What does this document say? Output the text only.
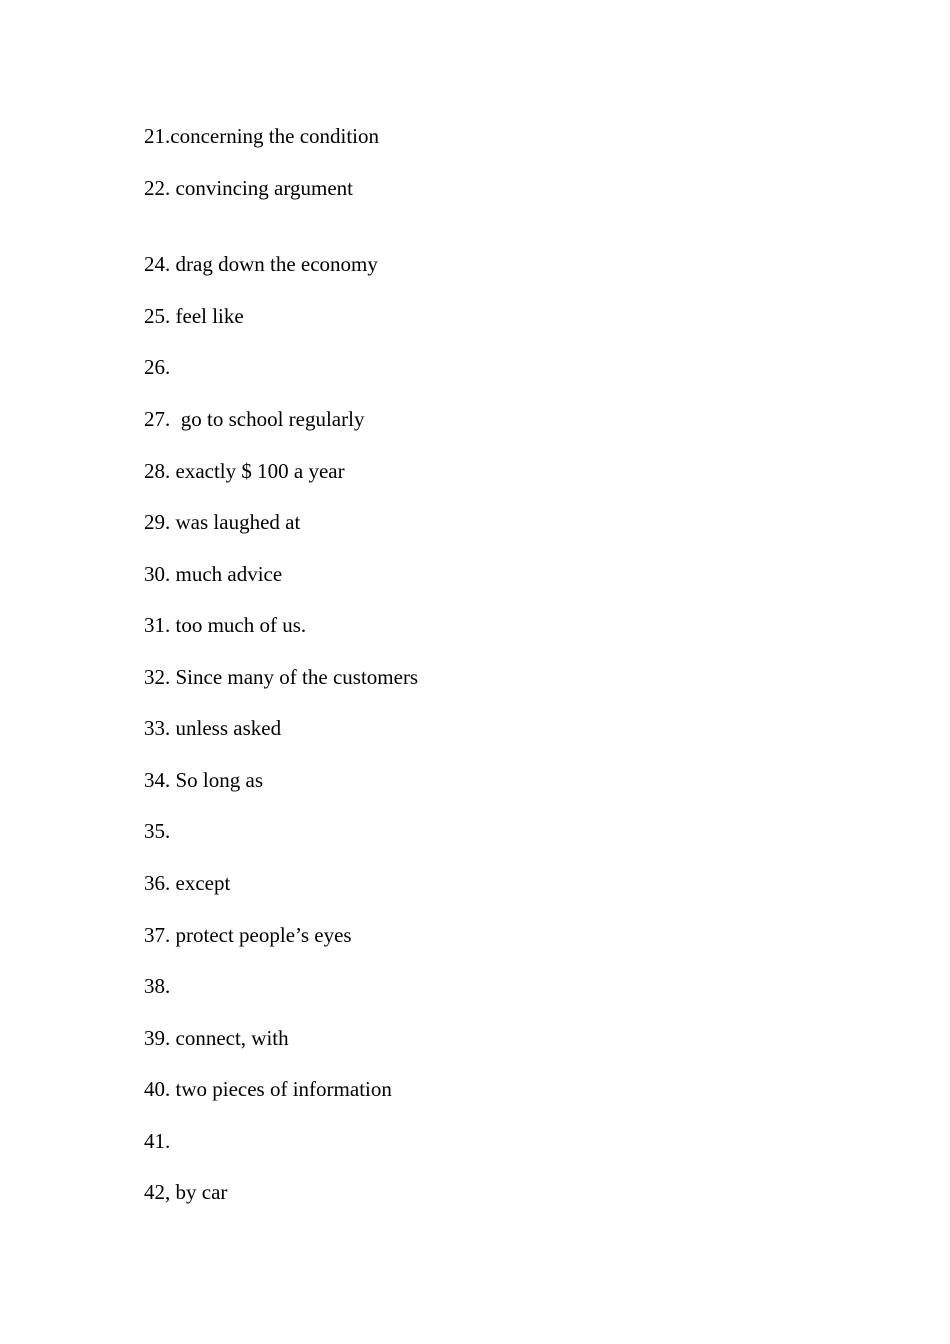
21.concerning the condition
22. convincing argument
24. drag down the economy
25. feel like
26.
27.  go to school regularly
28. exactly $ 100 a year
29. was laughed at
30. much advice
31. too much of us.
32. Since many of the customers
33. unless asked
34. So long as
35.
36. except
37. protect people’s eyes
38.
39. connect, with
40. two pieces of information
41.
42, by car
